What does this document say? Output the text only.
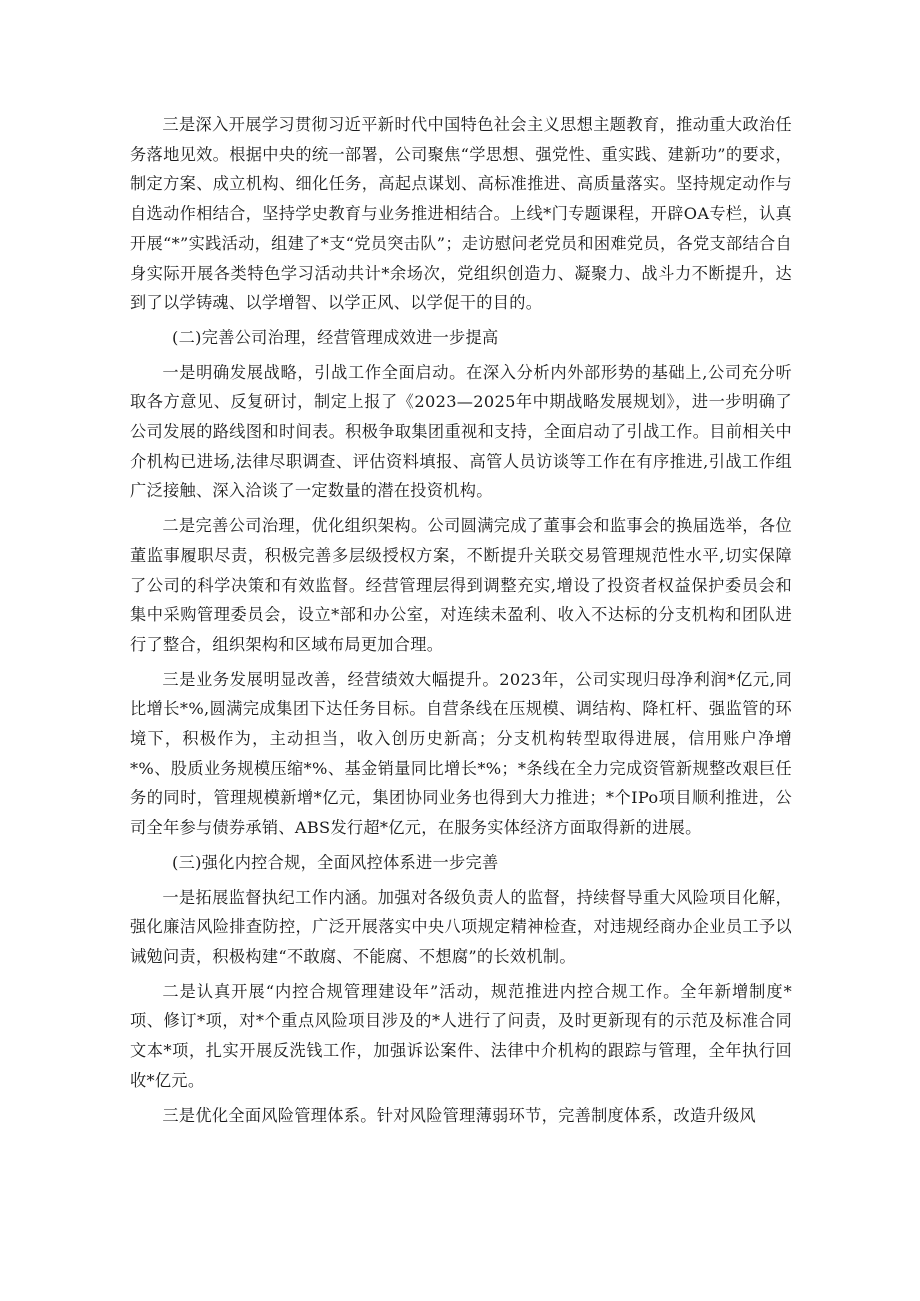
三是深入开展学习贯彻习近平新时代中国特色社会主义思想主题教育，推动重大政治任务落地见效。根据中央的统一部署，公司聚焦“学思想、强党性、重实践、建新功”的要求，制定方案、成立机构、细化任务，高起点谋划、高标准推进、高质量落实。坚持规定动作与自选动作相结合，坚持学史教育与业务推进相结合。上线*门专题课程，开辟OA专栏，认真开展“*”实践活动，组建了*支“党员突击队”；走访慰问老党员和困难党员，各党支部结合自身实际开展各类特色学习活动共计*余场次，党组织创造力、凝聚力、战斗力不断提升，达到了以学铸魂、以学增智、以学正风、以学促干的目的。

(二)完善公司治理，经营管理成效进一步提高

一是明确发展战略，引战工作全面启动。在深入分析内外部形势的基础上,公司充分听取各方意见、反复研讨，制定上报了《2023—2025年中期战略发展规划》，进一步明确了公司发展的路线图和时间表。积极争取集团重视和支持，全面启动了引战工作。目前相关中介机构已进场,法律尽职调查、评估资料填报、高管人员访谈等工作在有序推进,引战工作组广泛接触、深入洽谈了一定数量的潜在投资机构。

二是完善公司治理，优化组织架构。公司圆满完成了董事会和监事会的换届选举，各位董监事履职尽责，积极完善多层级授权方案，不断提升关联交易管理规范性水平,切实保障了公司的科学决策和有效监督。经营管理层得到调整充实,增设了投资者权益保护委员会和集中采购管理委员会，设立*部和办公室，对连续未盈利、收入不达标的分支机构和团队进行了整合，组织架构和区域布局更加合理。

三是业务发展明显改善，经营绩效大幅提升。2023年，公司实现归母净利润*亿元,同比增长*%,圆满完成集团下达任务目标。自营条线在压规模、调结构、降杠杆、强监管的环境下，积极作为，主动担当，收入创历史新高；分支机构转型取得进展，信用账户净增*%、股质业务规模压缩*%、基金销量同比增长*%；*条线在全力完成资管新规整改艰巨任务的同时，管理规模新增*亿元，集团协同业务也得到大力推进；*个IPo项目顺利推进，公司全年参与债券承销、ABS发行超*亿元，在服务实体经济方面取得新的进展。

(三)强化内控合规，全面风控体系进一步完善

一是拓展监督执纪工作内涵。加强对各级负责人的监督，持续督导重大风险项目化解，强化廉洁风险排查防控，广泛开展落实中央八项规定精神检查，对违规经商办企业员工予以诫勉问责，积极构建“不敢腐、不能腐、不想腐”的长效机制。

二是认真开展“内控合规管理建设年”活动，规范推进内控合规工作。全年新增制度*项、修订*项，对*个重点风险项目涉及的*人进行了问责，及时更新现有的示范及标准合同文本*项，扎实开展反洗钱工作，加强诉讼案件、法律中介机构的跟踪与管理，全年执行回收*亿元。

三是优化全面风险管理体系。针对风险管理薄弱环节，完善制度体系，改造升级风
